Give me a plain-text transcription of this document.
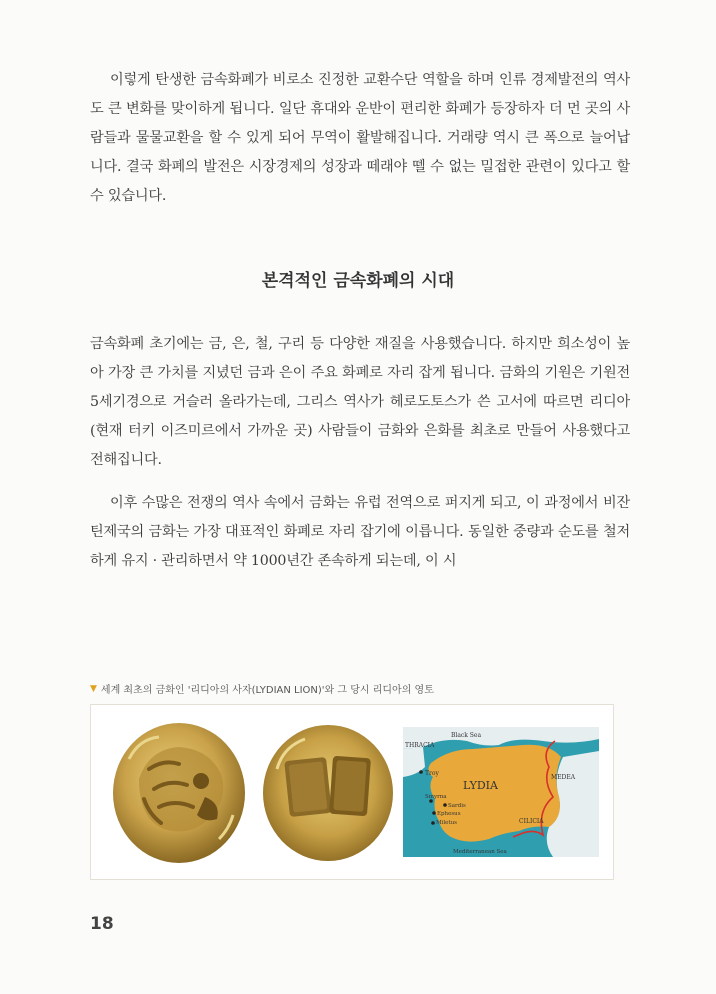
이렇게 탄생한 금속화폐가 비로소 진정한 교환수단 역할을 하며 인류 경제발전의 역사도 큰 변화를 맞이하게 됩니다. 일단 휴대와 운반이 편리한 화폐가 등장하자 더 먼 곳의 사람들과 물물교환을 할 수 있게 되어 무역이 활발해집니다. 거래량 역시 큰 폭으로 늘어납니다. 결국 화폐의 발전은 시장경제의 성장과 떼래야 뗄 수 없는 밀접한 관련이 있다고 할 수 있습니다.

본격적인 금속화폐의 시대

금속화폐 초기에는 금, 은, 철, 구리 등 다양한 재질을 사용했습니다. 하지만 희소성이 높아 가장 큰 가치를 지녔던 금과 은이 주요 화폐로 자리 잡게 됩니다. 금화의 기원은 기원전 5세기경으로 거슬러 올라가는데, 그리스 역사가 헤로도토스가 쓴 고서에 따르면 리디아(현재 터키 이즈미르에서 가까운 곳) 사람들이 금화와 은화를 최초로 만들어 사용했다고 전해집니다.

이후 수많은 전쟁의 역사 속에서 금화는 유럽 전역으로 퍼지게 되고, 이 과정에서 비잔틴제국의 금화는 가장 대표적인 화폐로 자리 잡기에 이릅니다. 동일한 중량과 순도를 철저하게 유지 · 관리하면서 약 1000년간 존속하게 되는데, 이 시

▼ 세계 최초의 금화인 '리디아의 사자(LYDIAN LION)'와 그 당시 리디아의 영토
Black Sea
THRACIA
Troy
LYDIA
Smyrna
Sardis
Ephesus
Miletus
MEDEA
CILICIA
Mediterranean Sea
18
